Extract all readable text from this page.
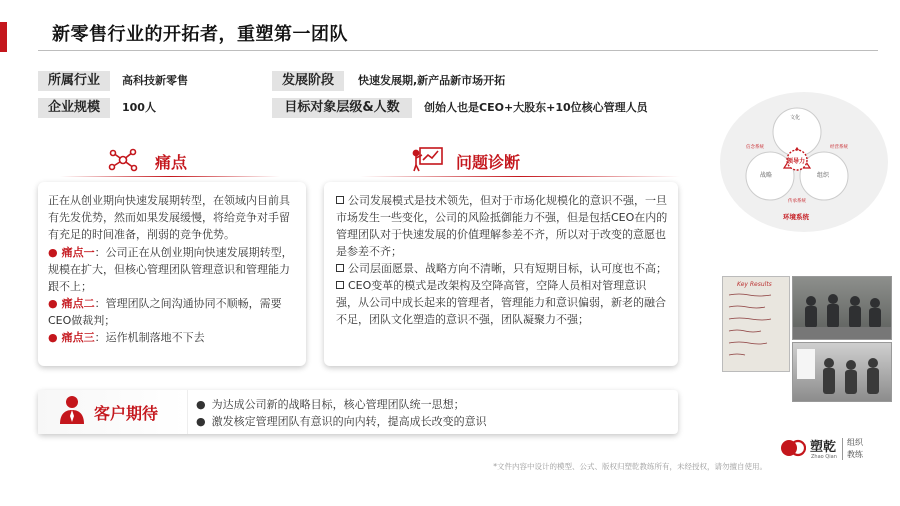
新零售行业的开拓者，重塑第一团队
所属行业	高科技新零售	发展阶段	快速发展期,新产品新市场开拓
企业规模	100人	目标对象层级&人数	创始人也是CEO+大股东+10位核心管理人员
痛点
正在从创业期向快速发展期转型，在领域内目前具有先发优势，然而如果发展缓慢，将给竞争对手留有充足的时间准备，削弱的竞争优势。
● 痛点一：公司正在从创业期向快速发展期转型，规模在扩大，但核心管理团队管理意识和管理能力跟不上；
● 痛点二：管理团队之间沟通协同不顺畅，需要CEO做裁判；
● 痛点三：运作机制落地不下去
问题诊断

公司发展模式是技术领先，但对于市场化规模化的意识不强，一旦市场发生一些变化，公司的风险抵御能力不强，但是包括CEO在内的管理团队对于快速发展的价值理解参差不齐，所以对于改变的意愿也是参差不齐；

公司层面愿景、战略方向不清晰，只有短期目标，认可度也不高；

CEO变革的模式是改架构及空降高管，空降人员相对管理意识强，从公司中成长起来的管理者，管理能力和意识偏弱，新老的融合不足，团队文化塑造的意识不强，团队凝聚力不强；

客户期待	● 为达成公司新的战略目标，核心管理团队统一思想；
● 激发核定管理团队有意识的向内转，提高成长改变的意识
文化
领导力
战略	组织
信念系统	经营系统
传承系统
环境系统
Key Results
*文件内容中设计的模型、公式、版权归塑乾教练所有，未经授权，请勿擅自使用。
塑乾
Zhao Qian
组织
教练
